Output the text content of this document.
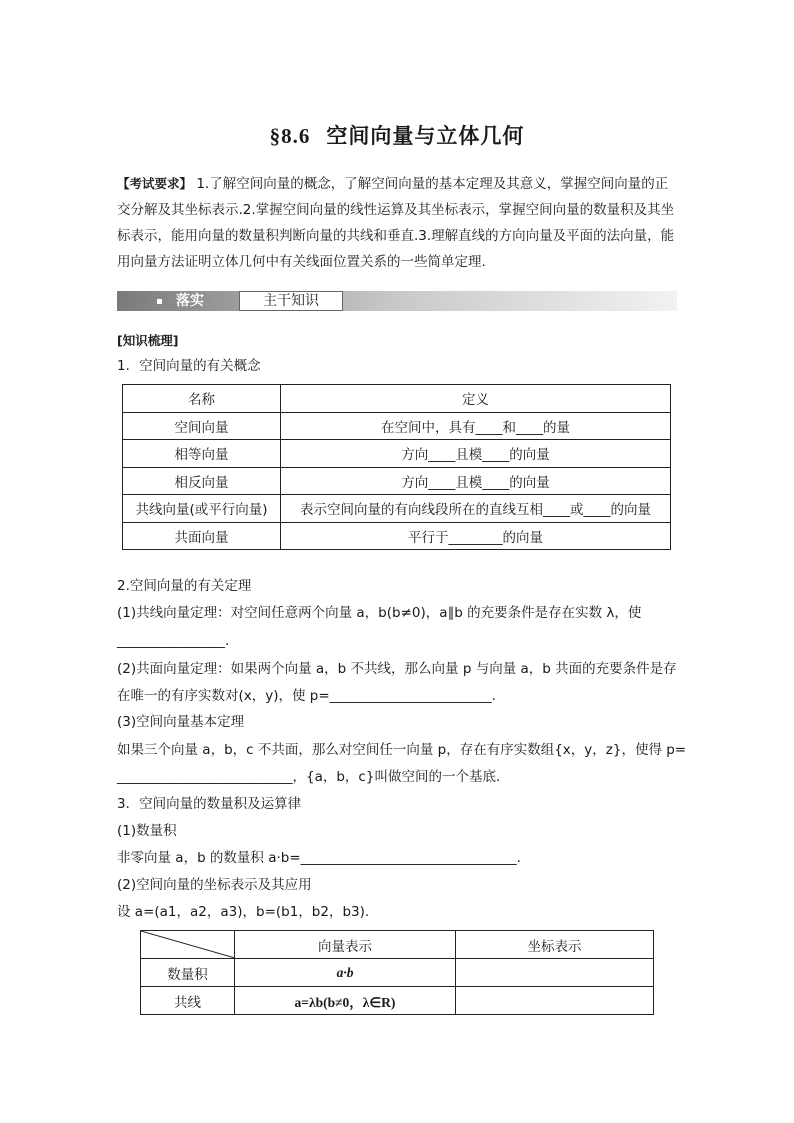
§8.6 空间向量与立体几何
【考试要求】 1.了解空间向量的概念，了解空间向量的基本定理及其意义，掌握空间向量的正交分解及其坐标表示.2.掌握空间向量的线性运算及其坐标表示，掌握空间向量的数量积及其坐标表示，能用向量的数量积判断向量的共线和垂直.3.理解直线的方向向量及平面的法向量，能用向量方法证明立体几何中有关线面位置关系的一些简单定理.
落实	主干知识
[知识梳理]
1．空间向量的有关概念
名称	定义
空间向量	在空间中，具有____和____的量
相等向量	方向____且模____的向量
相反向量	方向____且模____的向量
共线向量(或平行向量)	表示空间向量的有向线段所在的直线互相____或____的向量
共面向量	平行于________的向量
2.空间向量的有关定理
(1)共线向量定理：对空间任意两个向量 a，b(b≠0)，a∥b 的充要条件是存在实数 λ，使
________________.
(2)共面向量定理：如果两个向量 a，b 不共线，那么向量 p 与向量 a，b 共面的充要条件是存
在唯一的有序实数对(x，y)，使 p=________________________.
(3)空间向量基本定理
如果三个向量 a，b，c 不共面，那么对空间任一向量 p，存在有序实数组{x，y，z}，使得 p=
__________________________，{a，b，c}叫做空间的一个基底.
3．空间向量的数量积及运算律
(1)数量积
非零向量 a，b 的数量积 a·b=________________________________.
(2)空间向量的坐标表示及其应用
设 a=(a1，a2，a3)，b=(b1，b2，b3).
	向量表示	坐标表示
数量积	a·b	
共线	a=λb(b≠0，λ∈R)	
